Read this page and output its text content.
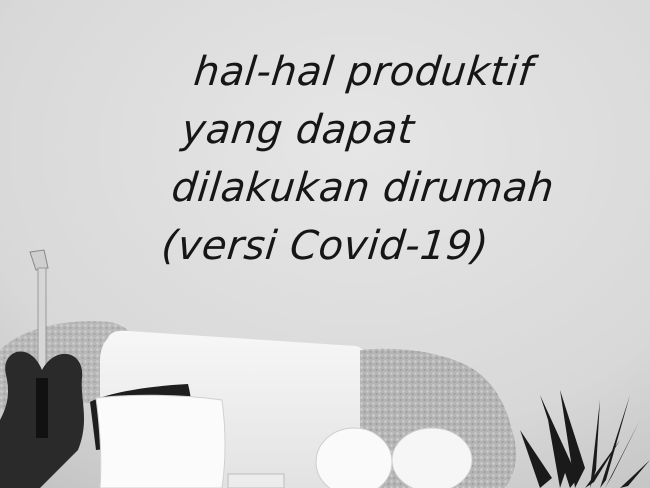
hal-hal produktif
yang dapat
dilakukan dirumah
(versi Covid-19)
